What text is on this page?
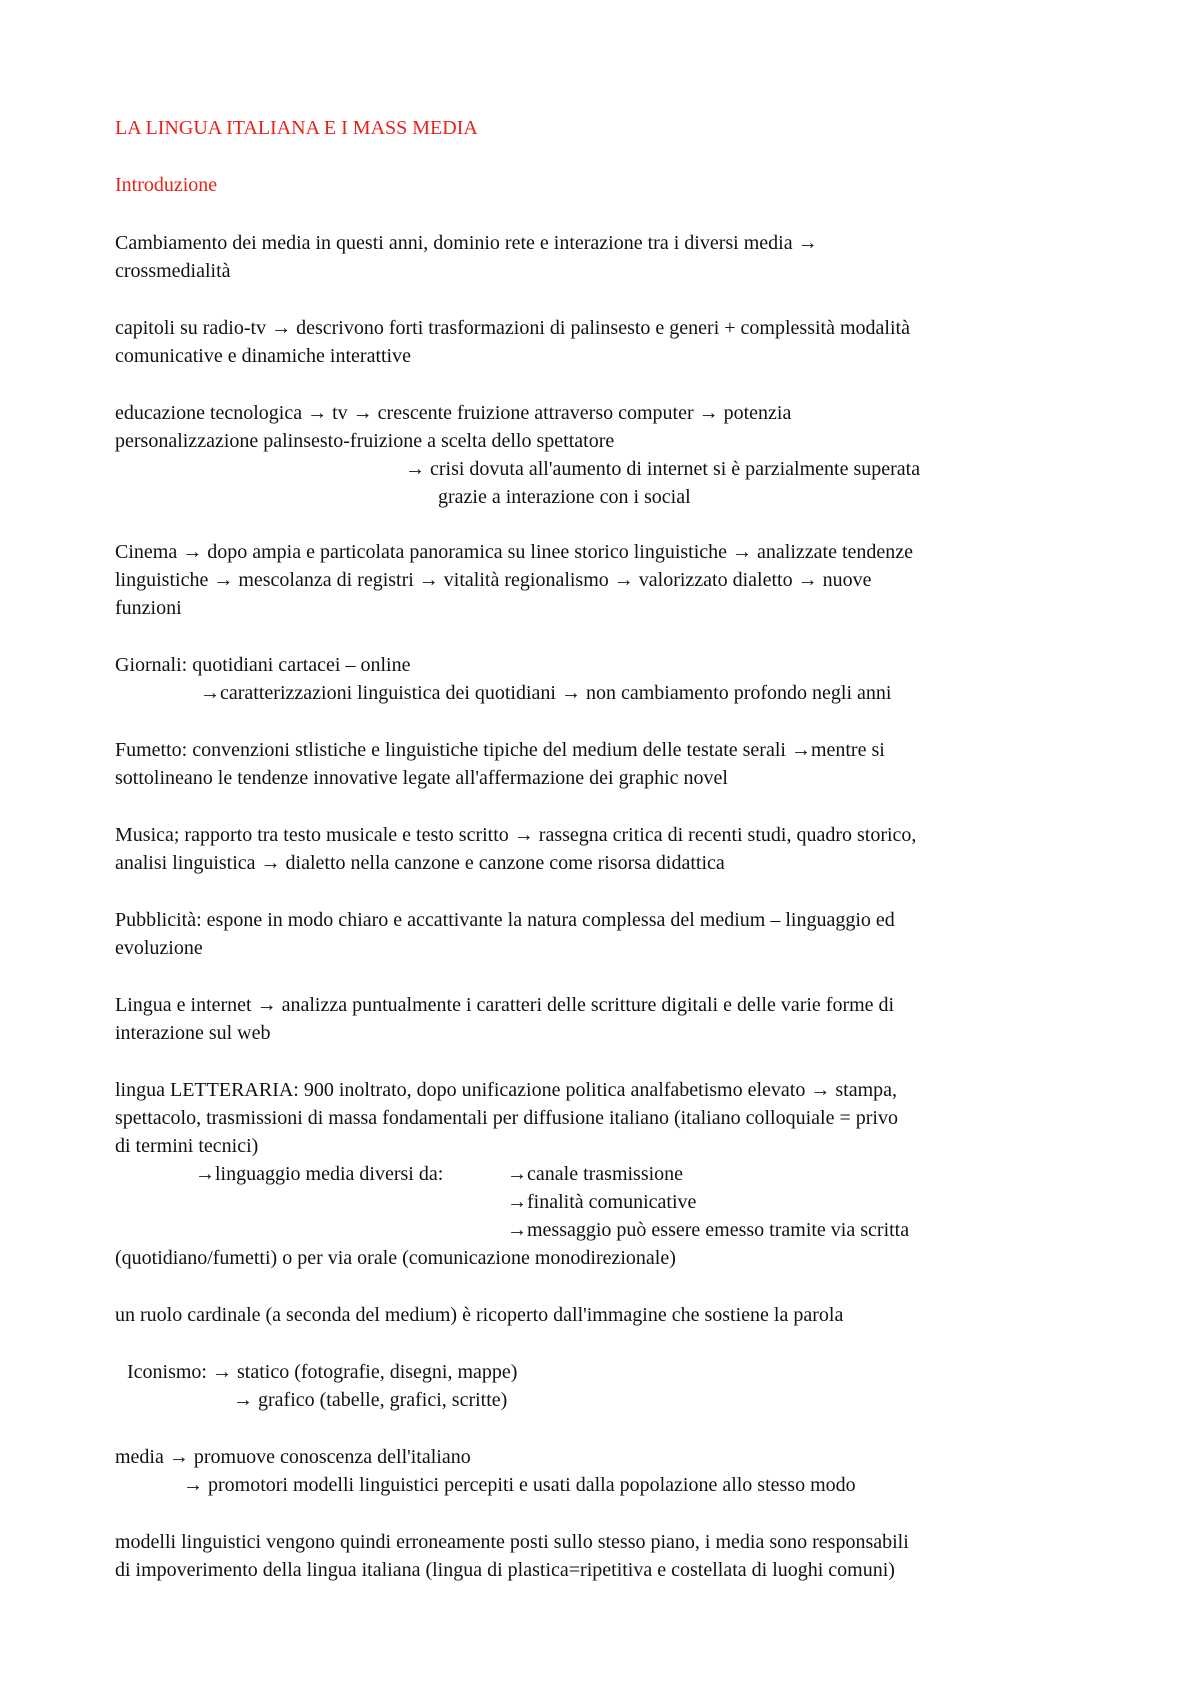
LA LINGUA ITALIANA E I MASS MEDIA
Introduzione
Cambiamento dei media in questi anni, dominio rete e interazione tra i diversi media →
crossmedialità
capitoli su radio-tv → descrivono forti trasformazioni di palinsesto e generi + complessità modalità
comunicative e dinamiche interattive
educazione tecnologica → tv → crescente fruizione attraverso computer → potenzia
personalizzazione palinsesto-fruizione a scelta dello spettatore
→ crisi dovuta all'aumento di internet si è parzialmente superata
grazie a interazione con i social
Cinema → dopo ampia e particolata panoramica su linee storico linguistiche → analizzate tendenze
linguistiche → mescolanza di registri → vitalità regionalismo → valorizzato dialetto → nuove
funzioni
Giornali: quotidiani cartacei – online
→caratterizzazioni linguistica dei quotidiani → non cambiamento profondo negli anni
Fumetto: convenzioni stlistiche e linguistiche tipiche del medium delle testate serali →mentre si
sottolineano le tendenze innovative legate all'affermazione dei graphic novel
Musica; rapporto tra testo musicale e testo scritto → rassegna critica di recenti studi, quadro storico,
analisi linguistica → dialetto nella canzone e canzone come risorsa didattica
Pubblicità: espone in modo chiaro e accattivante la natura complessa del medium – linguaggio ed
evoluzione
Lingua e internet → analizza puntualmente i caratteri delle scritture digitali e delle varie forme di
interazione sul web
lingua LETTERARIA: 900 inoltrato, dopo unificazione politica analfabetismo elevato → stampa,
spettacolo, trasmissioni di massa fondamentali per diffusione italiano (italiano colloquiale = privo
di termini tecnici)
→linguaggio media diversi da:	→canale trasmissione
→finalità comunicative
→messaggio può essere emesso tramite via scritta
(quotidiano/fumetti) o per via orale (comunicazione monodirezionale)
un ruolo cardinale (a seconda del medium) è ricoperto dall'immagine che sostiene la parola
Iconismo: → statico (fotografie, disegni, mappe)
→ grafico (tabelle, grafici, scritte)
media → promuove conoscenza dell'italiano
→ promotori modelli linguistici percepiti e usati dalla popolazione allo stesso modo
modelli linguistici vengono quindi erroneamente posti sullo stesso piano, i media sono responsabili
di impoverimento della lingua italiana (lingua di plastica=ripetitiva e costellata di luoghi comuni)
